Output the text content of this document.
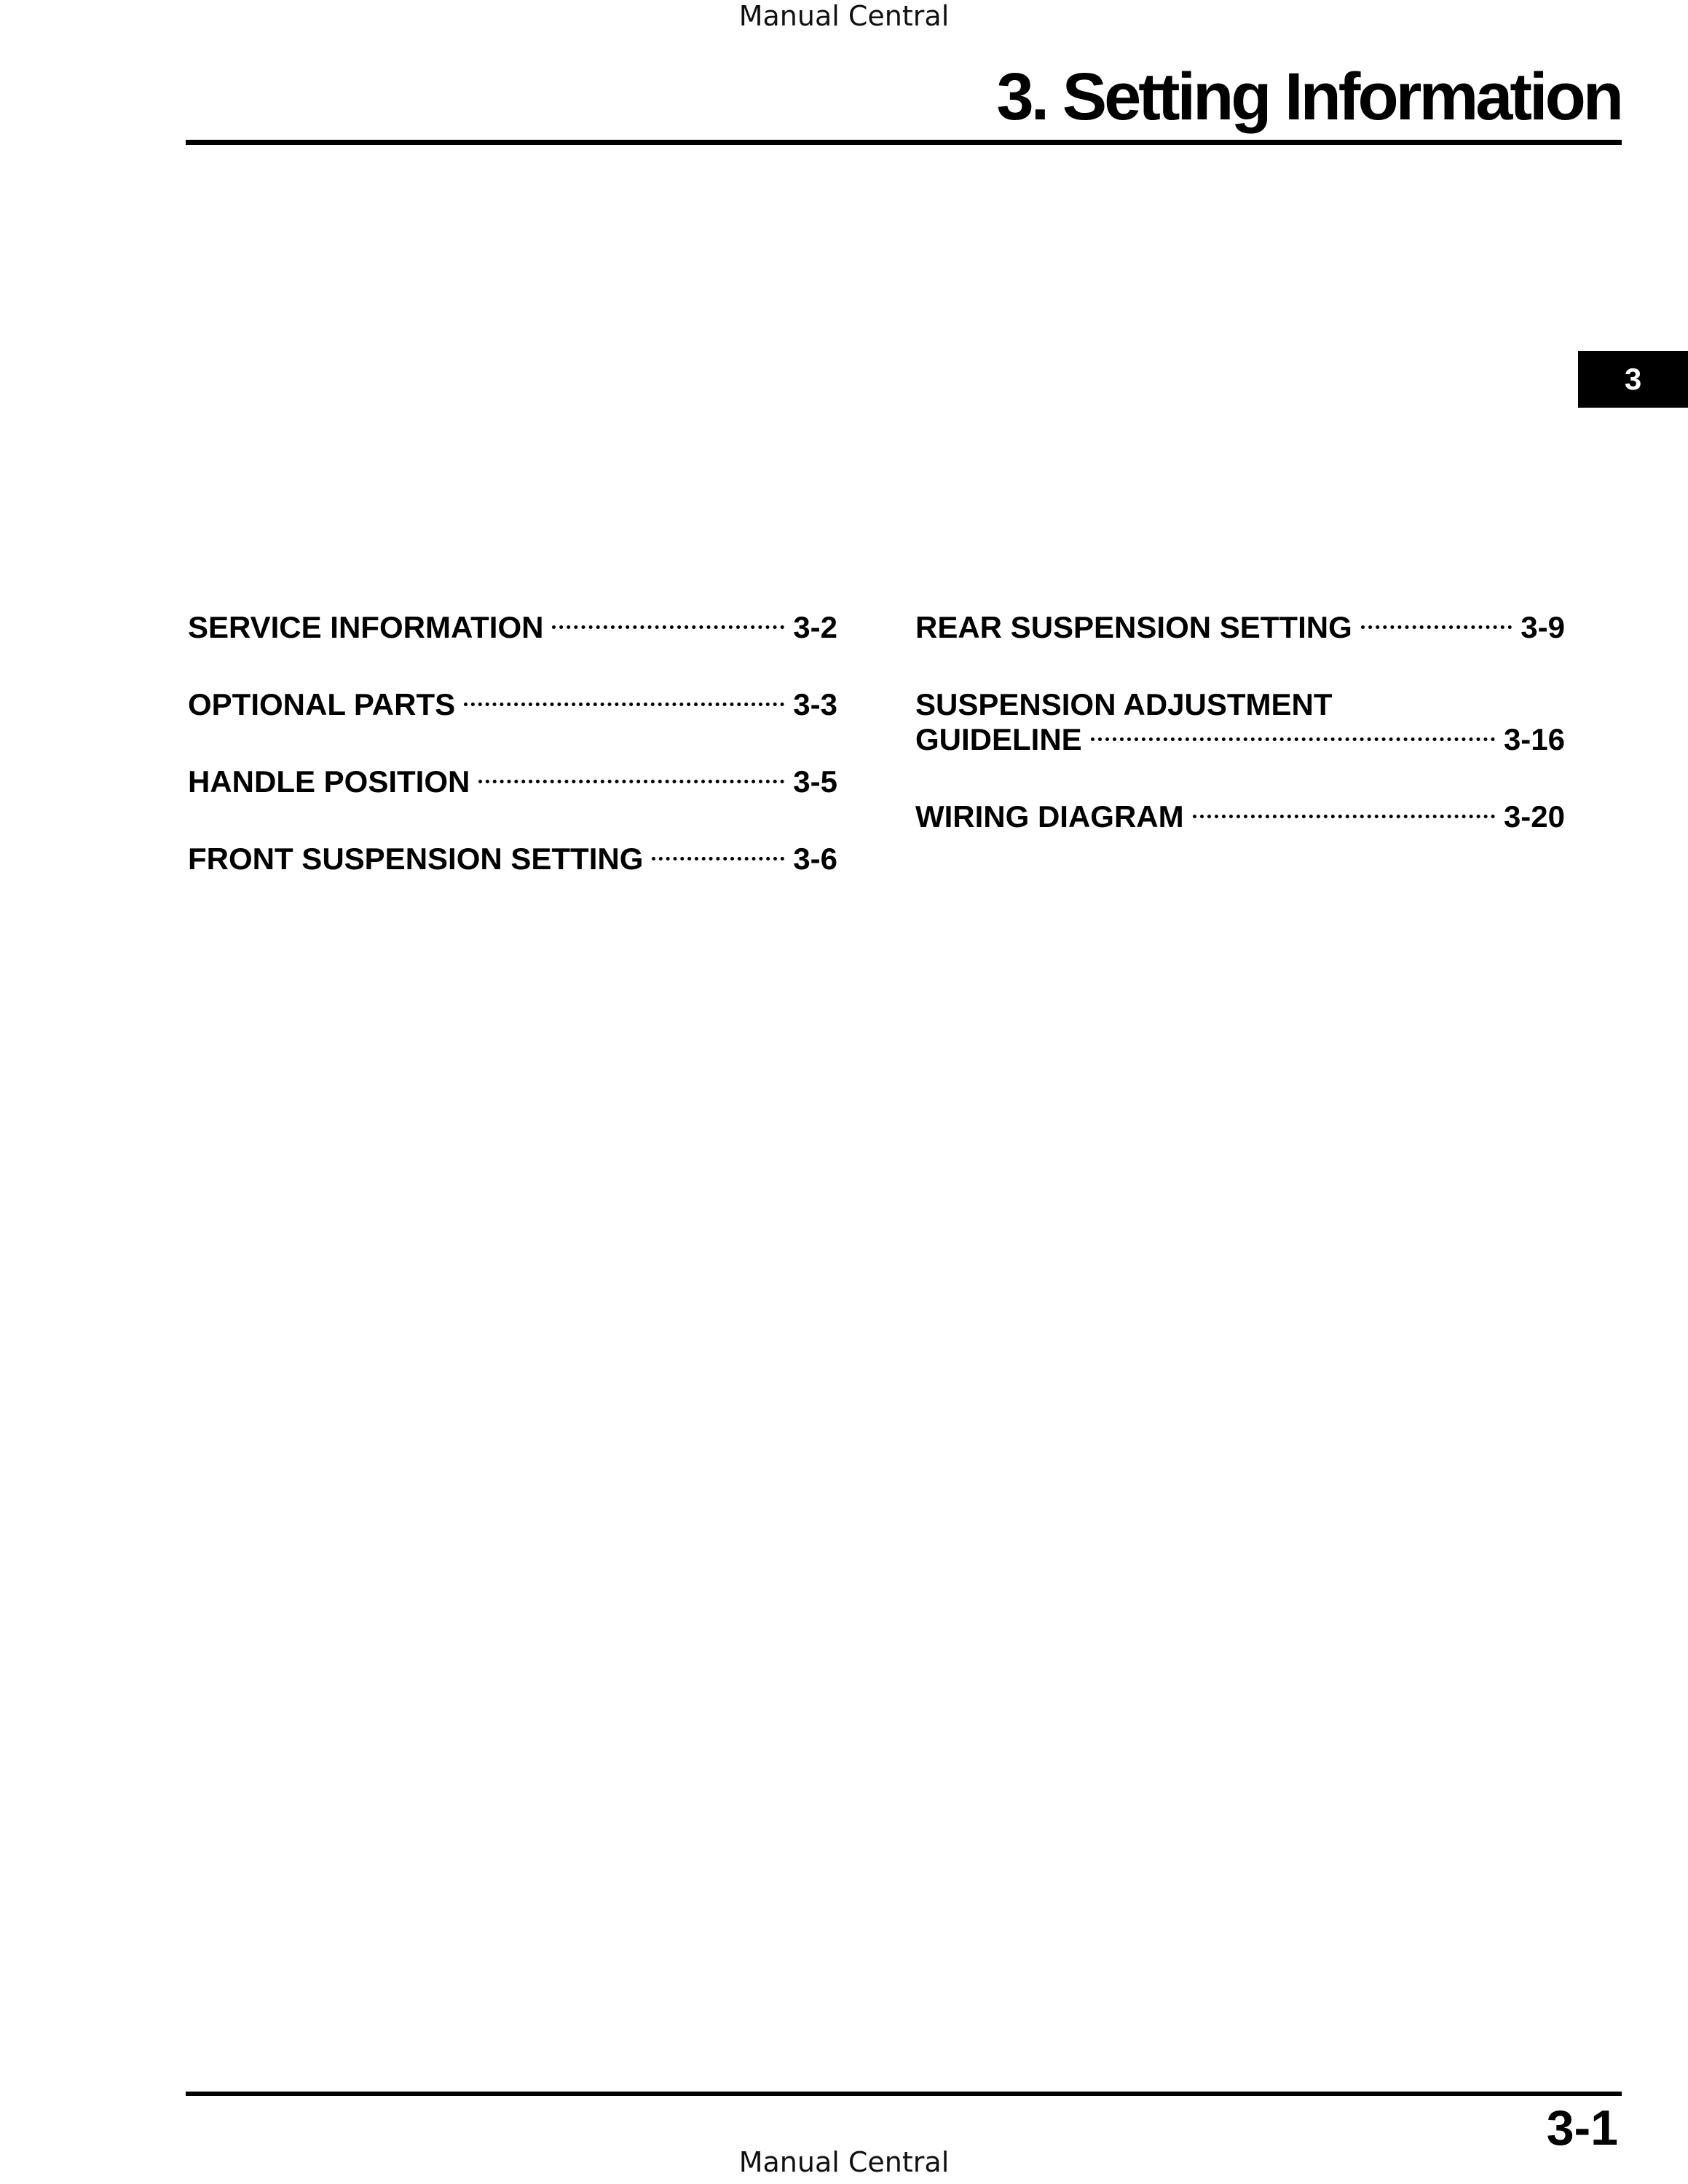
Manual Central
3. Setting Information
3
SERVICE INFORMATION	3-2
OPTIONAL PARTS	3-3
HANDLE POSITION	3-5
FRONT SUSPENSION SETTING	3-6
REAR SUSPENSION SETTING	3-9
SUSPENSION ADJUSTMENT
GUIDELINE	3-16
WIRING DIAGRAM	3-20
3-1
Manual Central
